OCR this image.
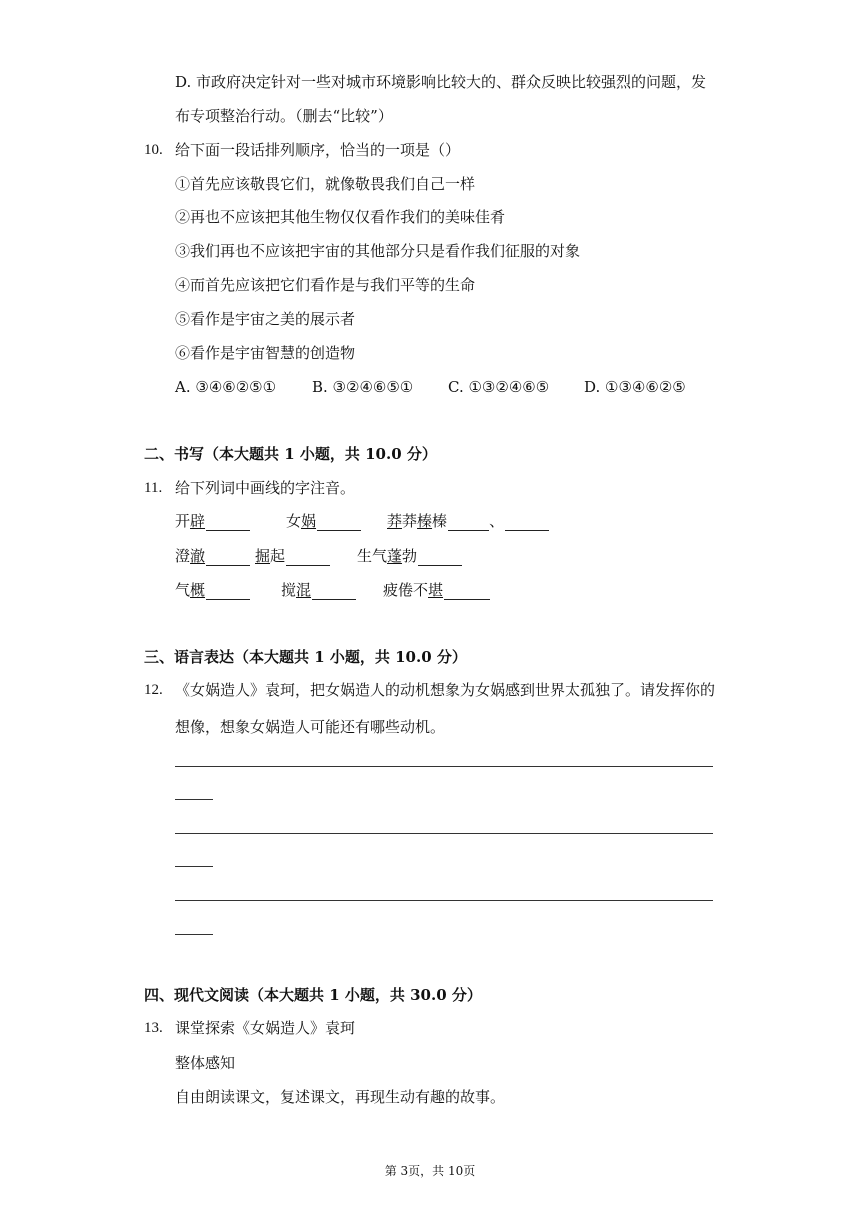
D. 市政府决定针对一些对城市环境影响比较大的、群众反映比较强烈的问题，发
布专项整治行动。（删去“比较”）
10. 给下面一段话排列顺序，恰当的一项是（）
①首先应该敬畏它们，就像敬畏我们自己一样
②再也不应该把其他生物仅仅看作我们的美味佳肴
③我们再也不应该把宇宙的其他部分只是看作我们征服的对象
④而首先应该把它们看作是与我们平等的生命
⑤看作是宇宙之美的展示者
⑥看作是宇宙智慧的创造物
A. ③④⑥②⑤① B. ③②④⑥⑤① C. ①③②④⑥⑤ D. ①③④⑥②⑤
二、书写（本大题共 1 小题，共 10.0 分）
11. 给下列词中画线的字注音。
开辟	女娲	莽莽榛榛	、
澄澈	掘起	生气蓬勃
气概	搅混	疲倦不堪
三、语言表达（本大题共 1 小题，共 10.0 分）
12. 《女娲造人》袁珂，把女娲造人的动机想象为女娲感到世界太孤独了。请发挥你的
想像，想象女娲造人可能还有哪些动机。
四、现代文阅读（本大题共 1 小题，共 30.0 分）
13. 课堂探索《女娲造人》袁珂
整体感知
自由朗读课文，复述课文，再现生动有趣的故事。
第 3页，共 10页
